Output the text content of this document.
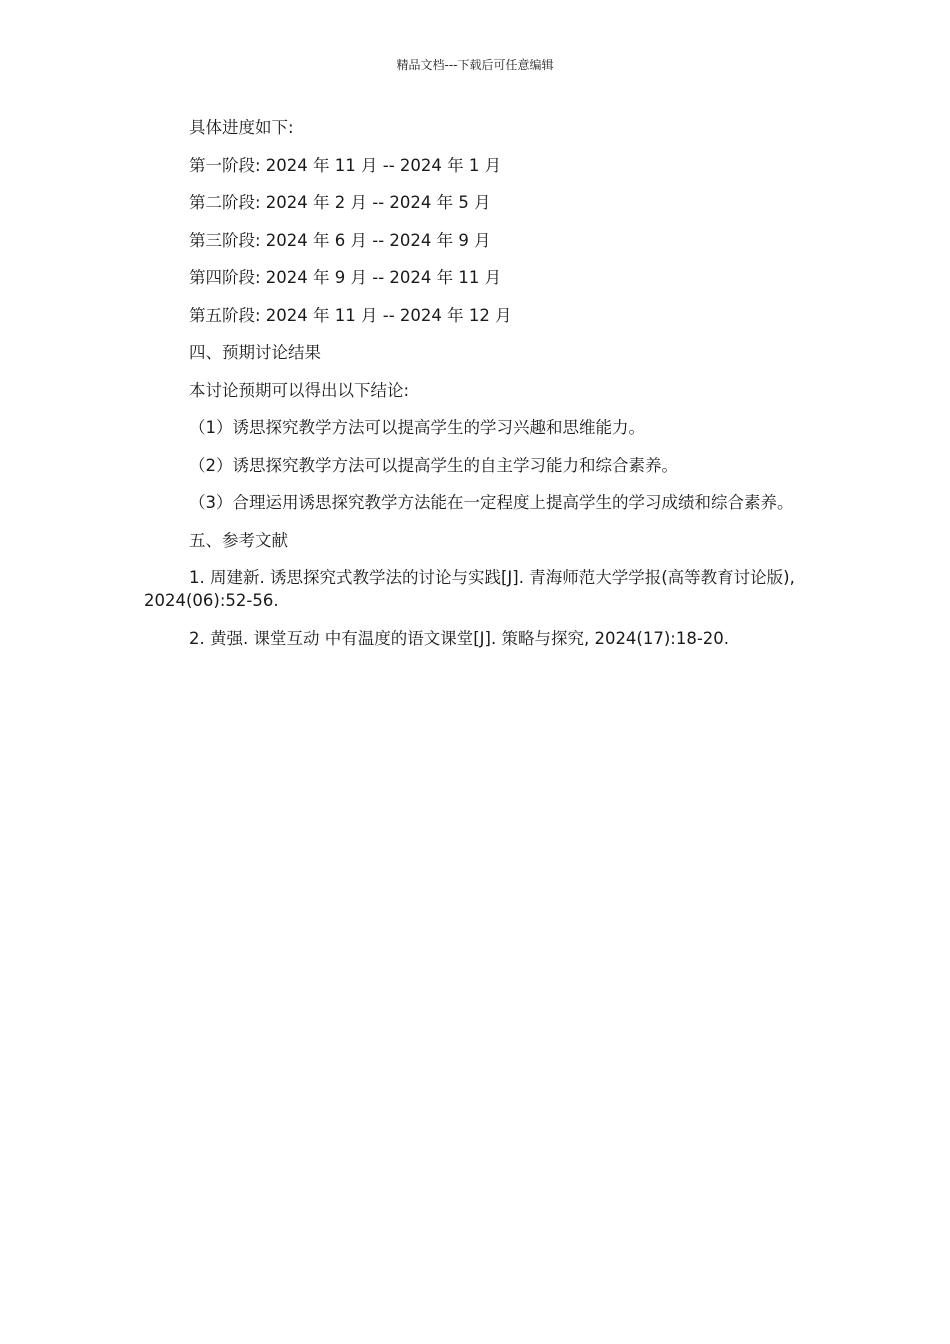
精品文档---下载后可任意编辑

具体进度如下:

第一阶段: 2024 年 11 月 -- 2024 年 1 月

第二阶段: 2024 年 2 月 -- 2024 年 5 月

第三阶段: 2024 年 6 月 -- 2024 年 9 月

第四阶段: 2024 年 9 月 -- 2024 年 11 月

第五阶段: 2024 年 11 月 -- 2024 年 12 月

四、预期讨论结果

本讨论预期可以得出以下结论:

（1）诱思探究教学方法可以提高学生的学习兴趣和思维能力。

（2）诱思探究教学方法可以提高学生的自主学习能力和综合素养。

（3）合理运用诱思探究教学方法能在一定程度上提高学生的学习成绩和综合素养。

五、参考文献

1. 周建新. 诱思探究式教学法的讨论与实践[J]. 青海师范大学学报(高等教育讨论版), 2024(06):52-56.

2. 黄强. 课堂互动 中有温度的语文课堂[J]. 策略与探究, 2024(17):18-20.
